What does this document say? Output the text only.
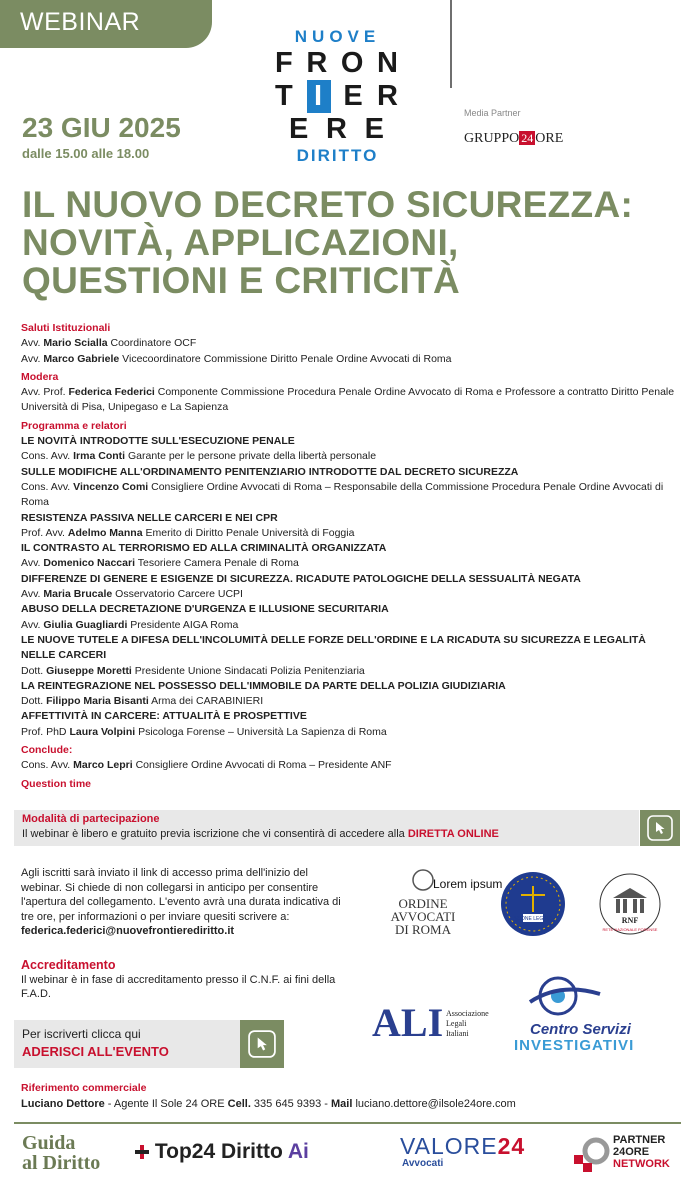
WEBINAR
NUOVE
F R O N
T I E R
E R E
DIRITTO
Media Partner
GRUPPO 24 ORE
23 GIU 2025
dalle 15.00 alle 18.00
IL NUOVO DECRETO SICUREZZA:
NOVITÀ, APPLICAZIONI,
QUESTIONI E CRITICITÀ
Saluti Istituzionali
Avv. Mario Scialla Coordinatore OCF
Avv. Marco Gabriele Vicecoordinatore Commissione Diritto Penale Ordine Avvocati di Roma
Modera
Avv. Prof. Federica Federici Componente Commissione Procedura Penale Ordine Avvocato di Roma e Professore a contratto Diritto Penale Università di Pisa, Unipegaso e La Sapienza
Programma e relatori
LE NOVITÀ INTRODOTTE SULL'ESECUZIONE PENALE
Cons. Avv. Irma Conti Garante per le persone private della libertà personale
SULLE MODIFICHE ALL'ORDINAMENTO PENITENZIARIO INTRODOTTE DAL DECRETO SICUREZZA
Cons. Avv. Vincenzo Comi Consigliere Ordine Avvocati di Roma – Responsabile della Commissione Procedura Penale Ordine Avvocati di Roma
RESISTENZA PASSIVA NELLE CARCERI E NEI CPR
Prof. Avv. Adelmo Manna Emerito di Diritto Penale Università di Foggia
IL CONTRASTO AL TERRORISMO ED ALLA CRIMINALITÀ ORGANIZZATA
Avv. Domenico Naccari Tesoriere Camera Penale di Roma
DIFFERENZE DI GENERE E ESIGENZE DI SICUREZZA. RICADUTE PATOLOGICHE DELLA SESSUALITÀ NEGATA
Avv. Maria Brucale Osservatorio Carcere UCPI
ABUSO DELLA DECRETAZIONE D'URGENZA E ILLUSIONE SECURITARIA
Avv. Giulia Guagliardi Presidente AIGA Roma
LE NUOVE TUTELE A DIFESA DELL'INCOLUMITÀ DELLE FORZE DELL'ORDINE E LA RICADUTA SU SICUREZZA E LEGALITÀ NELLE CARCERI
Dott. Giuseppe Moretti Presidente Unione Sindacati Polizia Penitenziaria
LA REINTEGRAZIONE NEL POSSESSO DELL'IMMOBILE DA PARTE DELLA POLIZIA GIUDIZIARIA
Dott. Filippo Maria Bisanti Arma dei CARABINIERI
AFFETTIVITÀ IN CARCERE: ATTUALITÀ E PROSPETTIVE
Prof. PhD Laura Volpini Psicologa Forense – Università La Sapienza di Roma
Conclude:
Cons. Avv. Marco Lepri Consigliere Ordine Avvocati di Roma – Presidente ANF
Question time
Modalità di partecipazione
Il webinar è libero e gratuito previa iscrizione che vi consentirà di accedere alla DIRETTA ONLINE
Agli iscritti sarà inviato il link di accesso prima dell'inizio del webinar. Si chiede di non collegarsi in anticipo per consentire l'apertura del collegamento. L'evento avrà una durata indicativa di tre ore, per informazioni o per inviare quesiti scrivere a: federica.federici@nuovefrontierediritto.it
Accreditamento
Il webinar è in fase di accreditamento presso il C.N.F. ai fini della F.A.D.
ORDINE
AVVOCATI
DI ROMA
Lorem ipsum
AZIONE LEGALE	RNF
RETE NAZIONALE FORENSE
ALI Associazione
Legali
Italiani	Centro Servizi
INVESTIGATIVI
Per iscriverti clicca qui
ADERISCI ALL'EVENTO
Riferimento commerciale
Luciano Dettore - Agente Il Sole 24 ORE Cell. 335 645 9393 - Mail luciano.dettore@ilsole24ore.com
Guida
al Diritto	Top24 Diritto Ai	VALORE24
Avvocati
PARTNER
24ORE
NETWORK
